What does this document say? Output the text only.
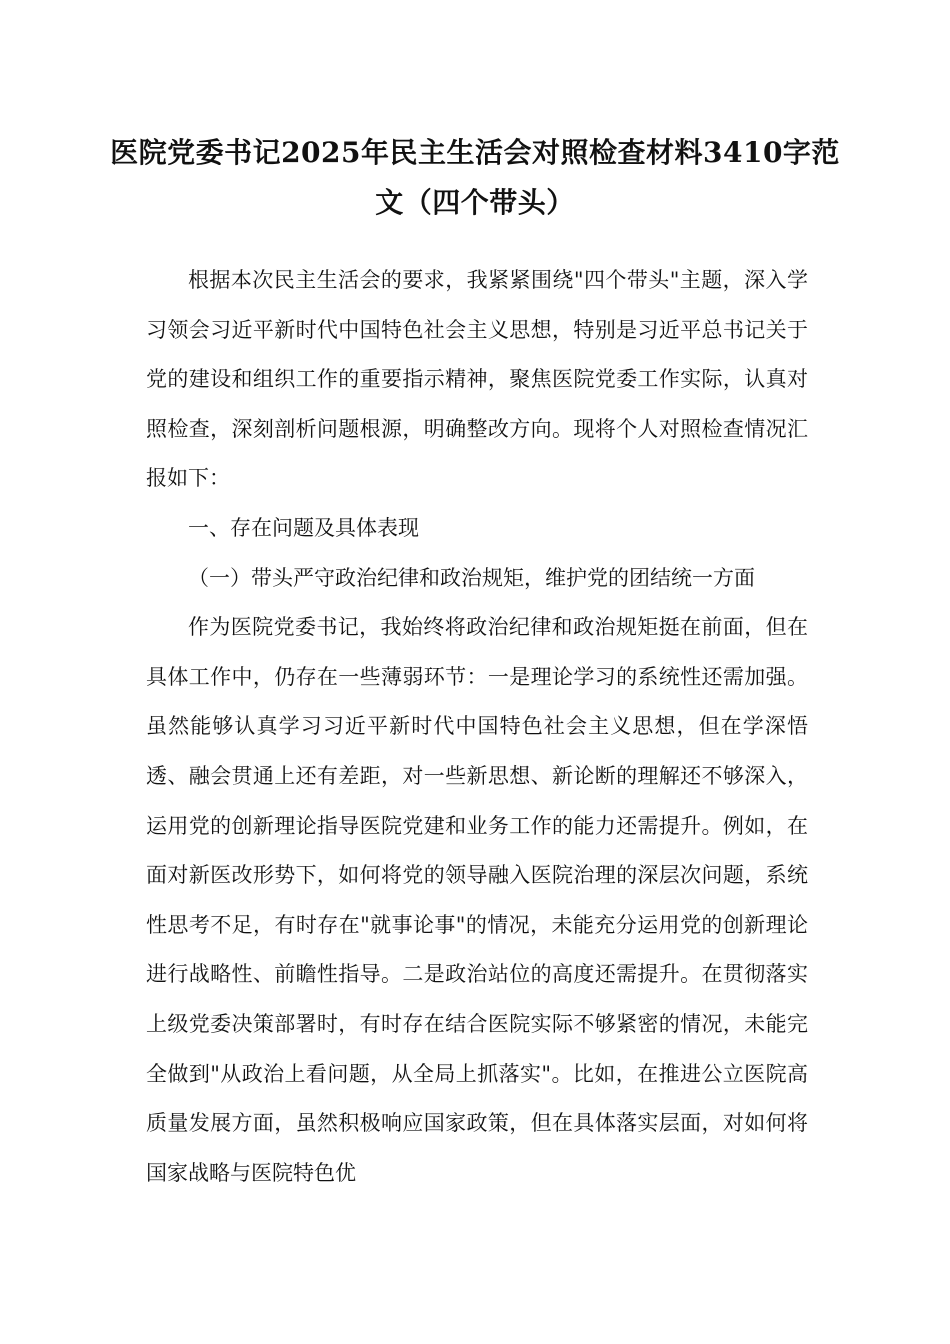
医院党委书记2025年民主生活会对照检查材料3410字范文（四个带头）

根据本次民主生活会的要求，我紧紧围绕"四个带头"主题，深入学习领会习近平新时代中国特色社会主义思想，特别是习近平总书记关于党的建设和组织工作的重要指示精神，聚焦医院党委工作实际，认真对照检查，深刻剖析问题根源，明确整改方向。现将个人对照检查情况汇报如下：

一、存在问题及具体表现

（一）带头严守政治纪律和政治规矩，维护党的团结统一方面

作为医院党委书记，我始终将政治纪律和政治规矩挺在前面，但在具体工作中，仍存在一些薄弱环节：一是理论学习的系统性还需加强。虽然能够认真学习习近平新时代中国特色社会主义思想，但在学深悟透、融会贯通上还有差距，对一些新思想、新论断的理解还不够深入，运用党的创新理论指导医院党建和业务工作的能力还需提升。例如，在面对新医改形势下，如何将党的领导融入医院治理的深层次问题，系统性思考不足，有时存在"就事论事"的情况，未能充分运用党的创新理论进行战略性、前瞻性指导。二是政治站位的高度还需提升。在贯彻落实上级党委决策部署时，有时存在结合医院实际不够紧密的情况，未能完全做到"从政治上看问题，从全局上抓落实"。比如，在推进公立医院高质量发展方面，虽然积极响应国家政策，但在具体落实层面，对如何将国家战略与医院特色优
